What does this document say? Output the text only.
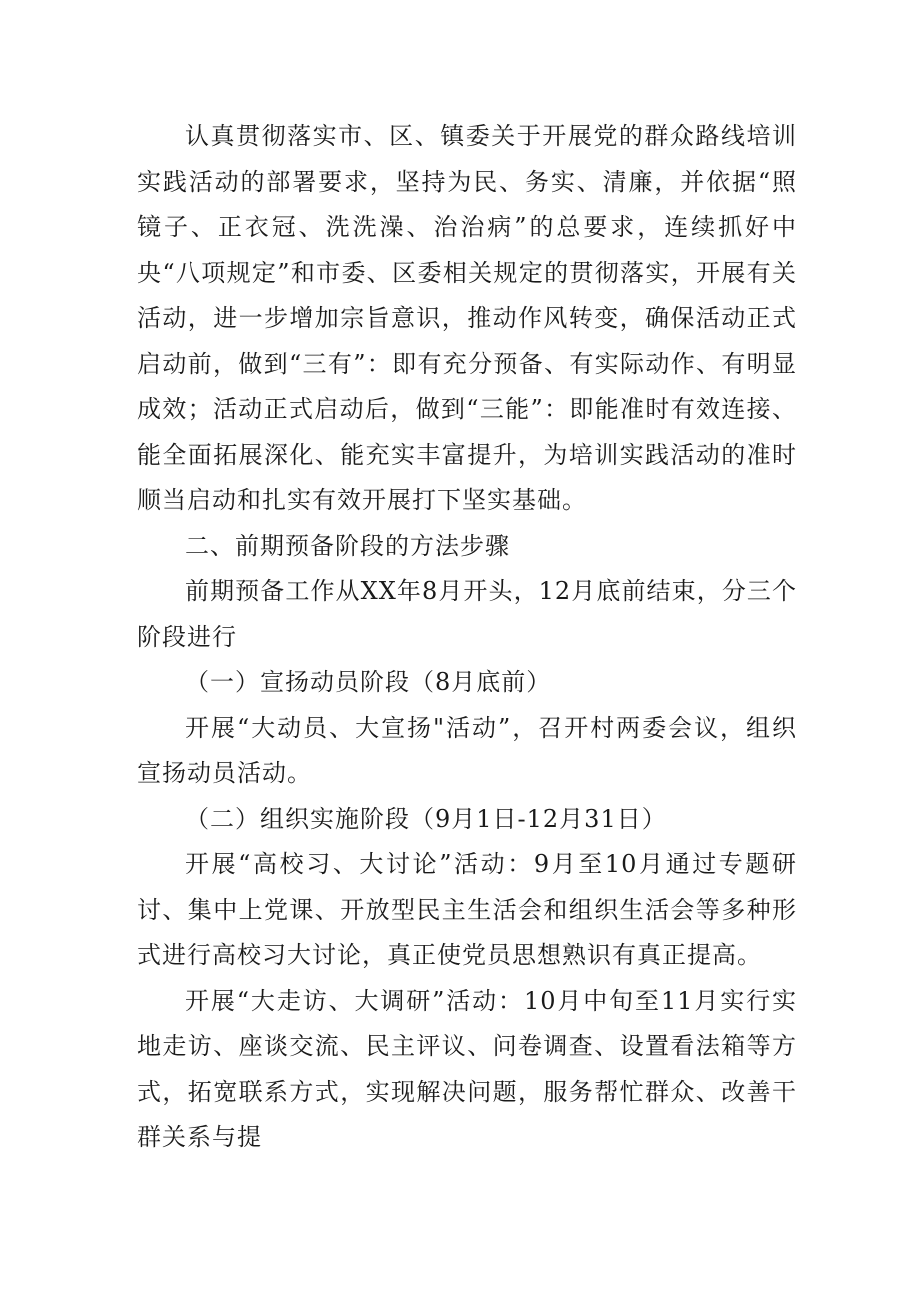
认真贯彻落实市、区、镇委关于开展党的群众路线培训实践活动的部署要求，坚持为民、务实、清廉，并依据“照镜子、正衣冠、洗洗澡、治治病”的总要求，连续抓好中央“八项规定”和市委、区委相关规定的贯彻落实，开展有关活动，进一步增加宗旨意识，推动作风转变，确保活动正式启动前，做到“三有”：即有充分预备、有实际动作、有明显成效；活动正式启动后，做到“三能”：即能准时有效连接、能全面拓展深化、能充实丰富提升，为培训实践活动的准时顺当启动和扎实有效开展打下坚实基础。

二、前期预备阶段的方法步骤

前期预备工作从XX年8月开头，12月底前结束，分三个阶段进行

（一）宣扬动员阶段（8月底前）

开展“大动员、大宣扬"活动”，召开村两委会议，组织宣扬动员活动。

（二）组织实施阶段（9月1日-12月31日）

开展“高校习、大讨论”活动：9月至10月通过专题研讨、集中上党课、开放型民主生活会和组织生活会等多种形式进行高校习大讨论，真正使党员思想熟识有真正提高。

开展“大走访、大调研”活动：10月中旬至11月实行实地走访、座谈交流、民主评议、问卷调查、设置看法箱等方式，拓宽联系方式，实现解决问题，服务帮忙群众、改善干群关系与提
